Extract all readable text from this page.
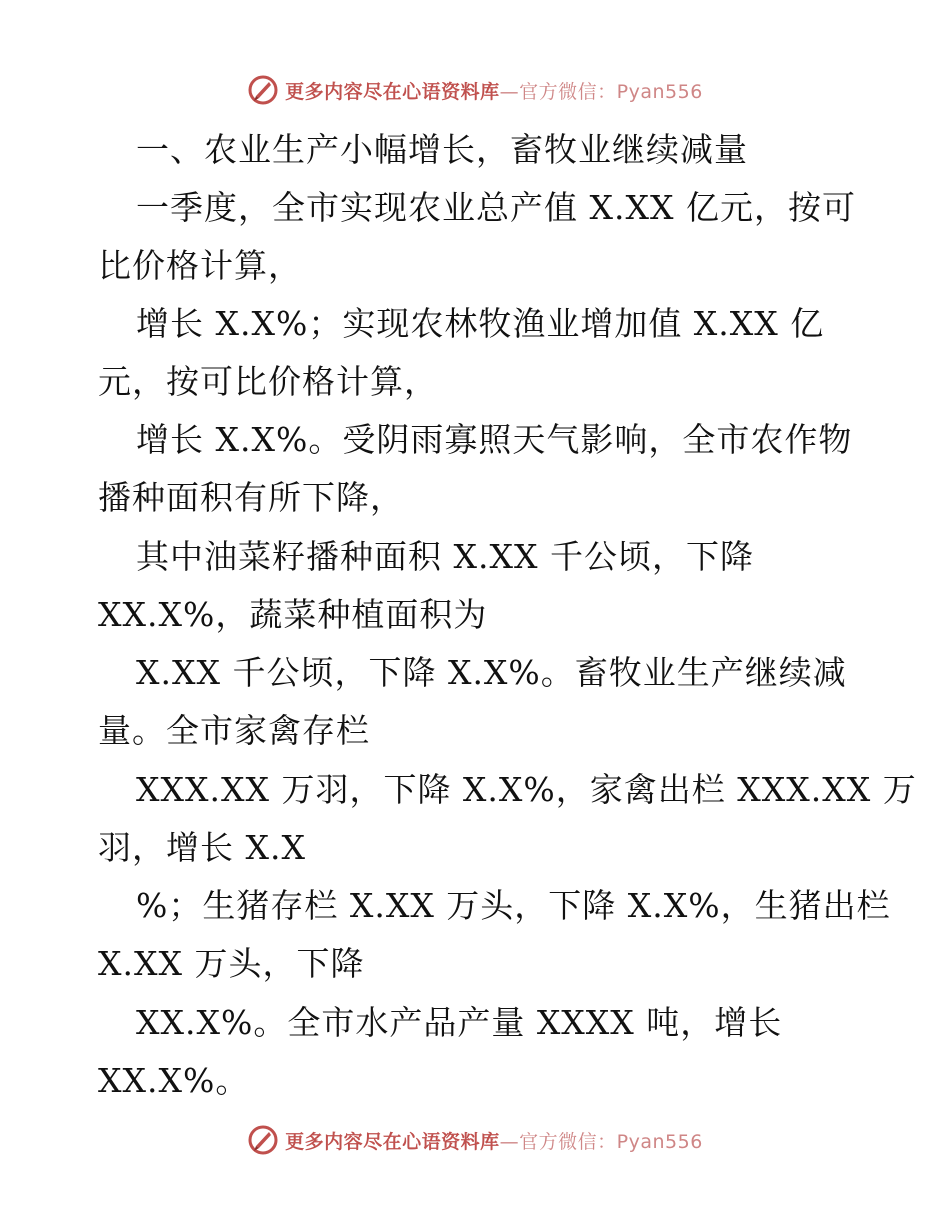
更多内容尽在心语资料库—官方微信：Pyan556
一、农业生产小幅增长，畜牧业继续减量
一季度，全市实现农业总产值 X.XX 亿元，按可
比价格计算，
增长 X.X%；实现农林牧渔业增加值 X.XX 亿
元，按可比价格计算，
增长 X.X%。受阴雨寡照天气影响，全市农作物
播种面积有所下降，
其中油菜籽播种面积 X.XX 千公顷，下降
XX.X%，蔬菜种植面积为
X.XX 千公顷，下降 X.X%。畜牧业生产继续减
量。全市家禽存栏
XXX.XX 万羽，下降 X.X%，家禽出栏 XXX.XX 万
羽，增长 X.X
%；生猪存栏 X.XX 万头，下降 X.X%，生猪出栏
X.XX 万头，下降
XX.X%。全市水产品产量 XXXX 吨，增长
XX.X%。
更多内容尽在心语资料库—官方微信：Pyan556
